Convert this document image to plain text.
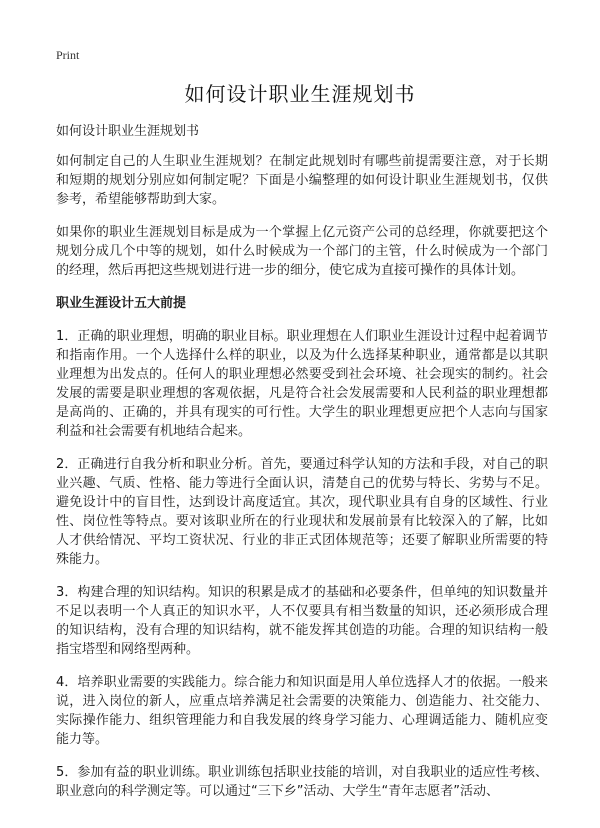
Print
如何设计职业生涯规划书

如何设计职业生涯规划书

如何制定自己的人生职业生涯规划？在制定此规划时有哪些前提需要注意，对于长期和短期的规划分别应如何制定呢？下面是小编整理的如何设计职业生涯规划书，仅供参考，希望能够帮助到大家。

如果你的职业生涯规划目标是成为一个掌握上亿元资产公司的总经理，你就要把这个规划分成几个中等的规划，如什么时候成为一个部门的主管，什么时候成为一个部门的经理，然后再把这些规划进行进一步的细分，使它成为直接可操作的具体计划。

职业生涯设计五大前提

1．正确的职业理想，明确的职业目标。职业理想在人们职业生涯设计过程中起着调节和指南作用。一个人选择什么样的职业，以及为什么选择某种职业，通常都是以其职业理想为出发点的。任何人的职业理想必然要受到社会环境、社会现实的制约。社会发展的需要是职业理想的客观依据，凡是符合社会发展需要和人民利益的职业理想都是高尚的、正确的，并具有现实的可行性。大学生的职业理想更应把个人志向与国家利益和社会需要有机地结合起来。

2．正确进行自我分析和职业分析。首先，要通过科学认知的方法和手段，对自己的职业兴趣、气质、性格、能力等进行全面认识，清楚自己的优势与特长、劣势与不足。避免设计中的盲目性，达到设计高度适宜。其次，现代职业具有自身的区域性、行业性、岗位性等特点。要对该职业所在的行业现状和发展前景有比较深入的了解，比如人才供给情况、平均工资状况、行业的非正式团体规范等；还要了解职业所需要的特殊能力。

3．构建合理的知识结构。知识的积累是成才的基础和必要条件，但单纯的知识数量并不足以表明一个人真正的知识水平，人不仅要具有相当数量的知识，还必须形成合理的知识结构，没有合理的知识结构，就不能发挥其创造的功能。合理的知识结构一般指宝塔型和网络型两种。

4．培养职业需要的实践能力。综合能力和知识面是用人单位选择人才的依据。一般来说，进入岗位的新人，应重点培养满足社会需要的决策能力、创造能力、社交能力、实际操作能力、组织管理能力和自我发展的终身学习能力、心理调适能力、随机应变能力等。

5．参加有益的职业训练。职业训练包括职业技能的培训，对自我职业的适应性考核、职业意向的科学测定等。可以通过“三下乡”活动、大学生“青年志愿者”活动、
